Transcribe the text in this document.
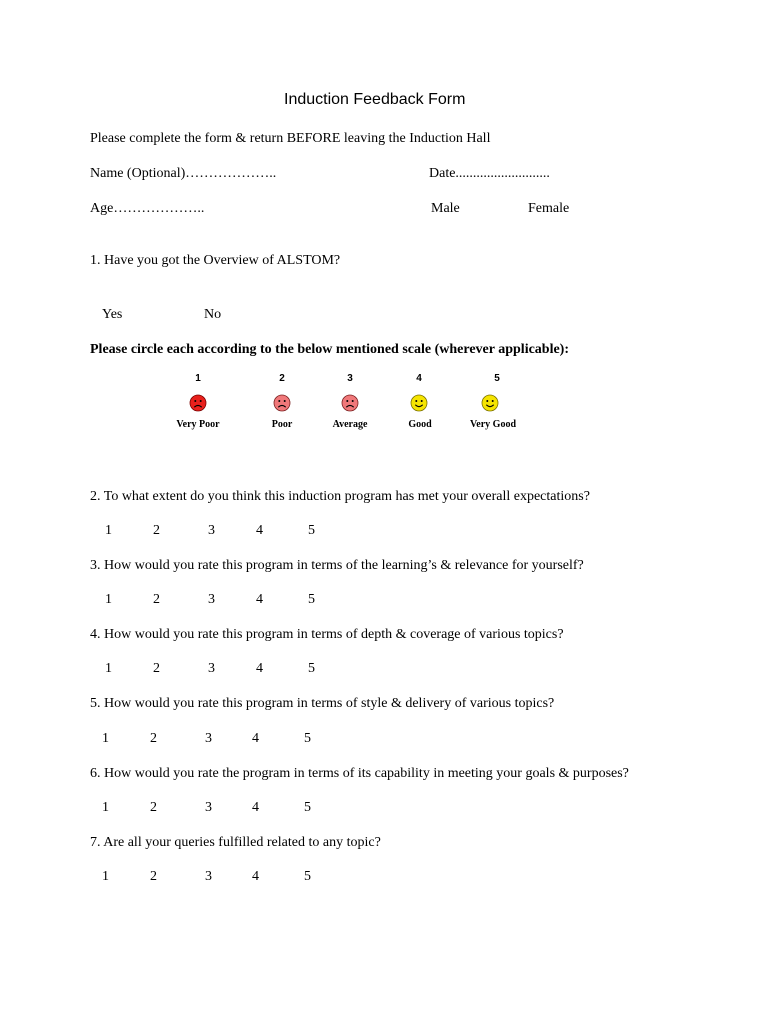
Induction Feedback Form
Please complete the form & return BEFORE leaving the Induction Hall
Name (Optional)………………..	Date...........................
Age………………..	Male	Female
1. Have you got the Overview of ALSTOM?
Yes	No
Please circle each according to the below mentioned scale (wherever applicable):
1	2	3	4	5
Very Poor	Poor	Average	Good	Very Good
2. To what extent do you think this induction program has met your overall expectations?
1	2	3	4	5
3. How would you rate this program in terms of the learning’s & relevance for yourself?
1	2	3	4	5
4. How would you rate this program in terms of depth & coverage of various topics?
1	2	3	4	5
5. How would you rate this program in terms of style & delivery of various topics?
1	2	3	4	5
6. How would you rate the program in terms of its capability in meeting your goals & purposes?
1	2	3	4	5
7. Are all your queries fulfilled related to any topic?
1	2	3	4	5
